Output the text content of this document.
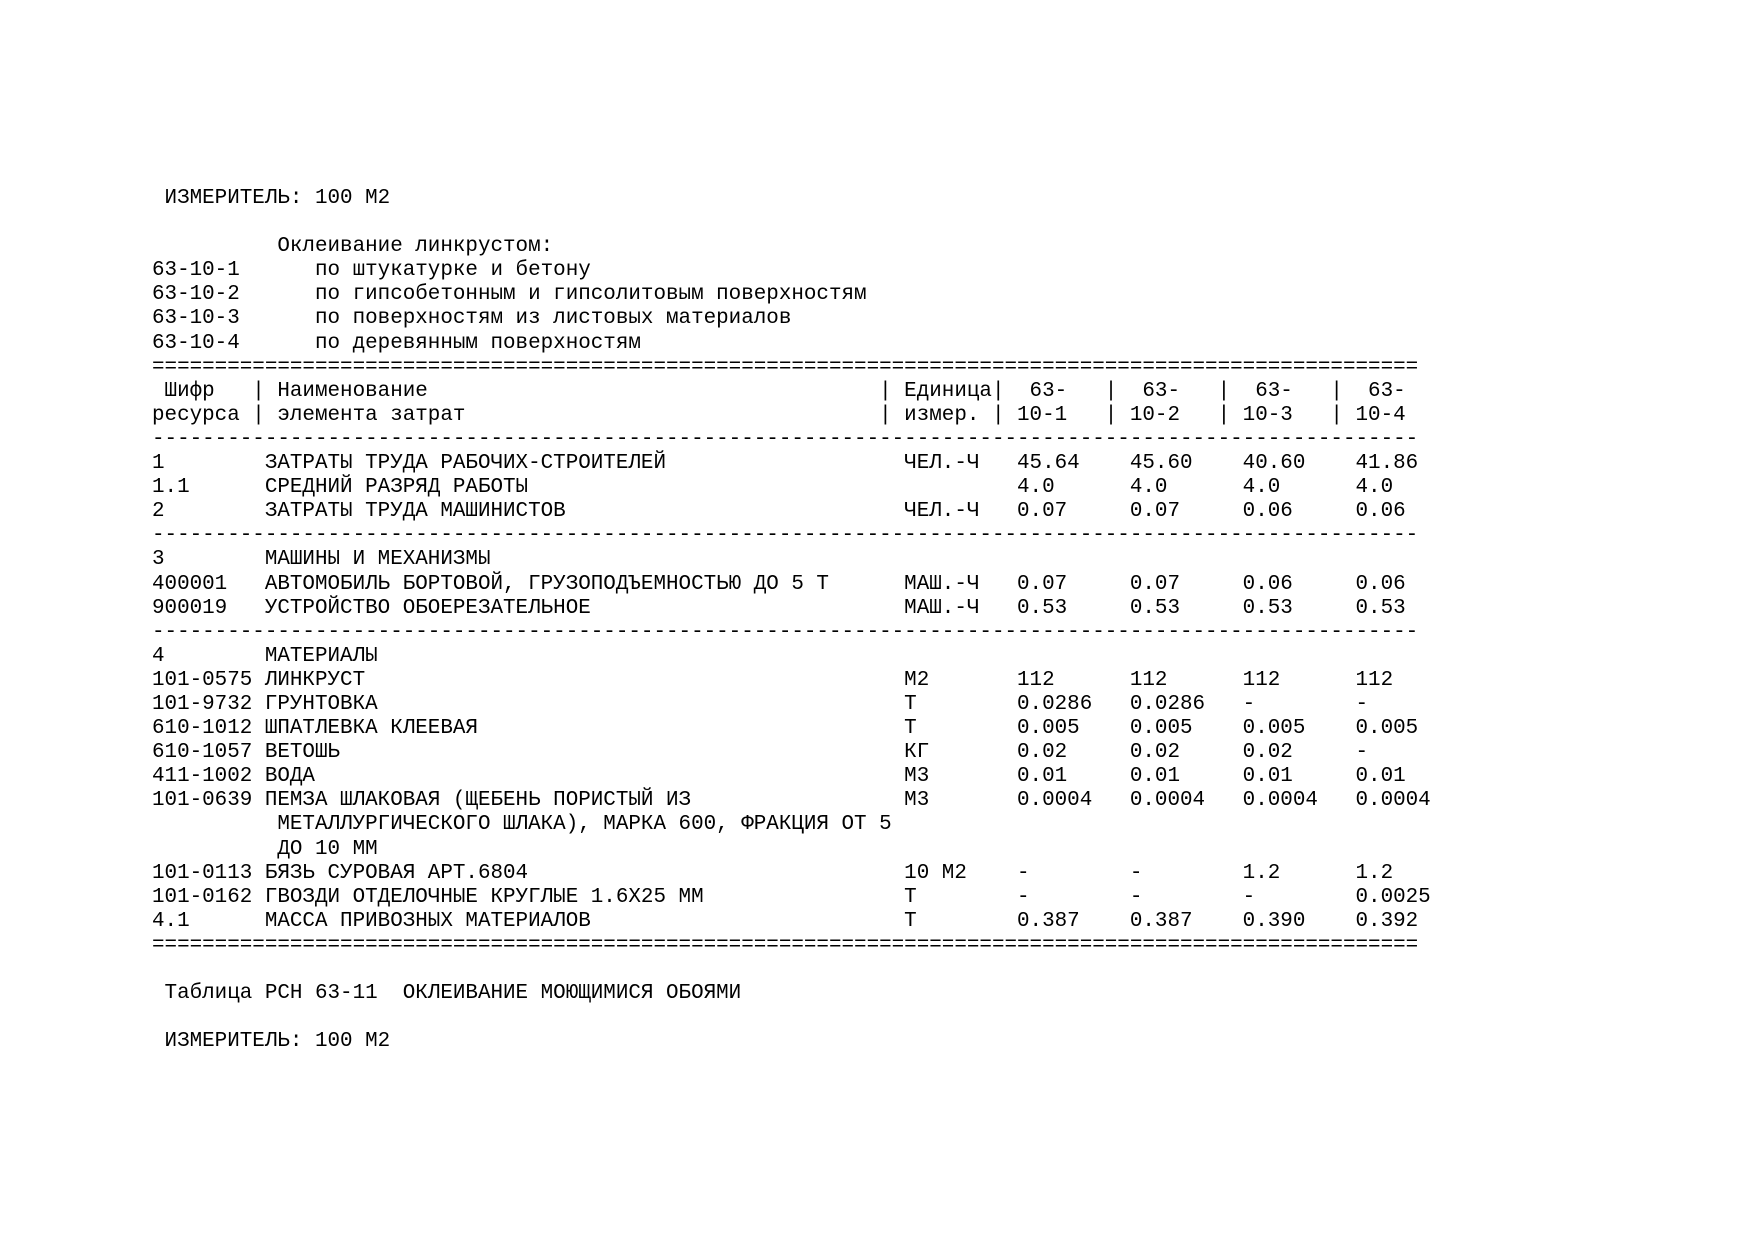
ИЗМЕРИТЕЛЬ: 100 М2
Оклеивание линкрустом:
63-10-1      по штукатурке и бетону
63-10-2      по гипсобетонным и гипсолитовым поверхностям
63-10-3      по поверхностям из листовых материалов
63-10-4      по деревянным поверхностям
=====================================================================================================
Шифр   | Наименование                                    | Единица|  63-   |  63-   |  63-   |  63-
ресурса | элемента затрат                                 | измер. | 10-1   | 10-2   | 10-3   | 10-4
-----------------------------------------------------------------------------------------------------
1        ЗАТРАТЫ ТРУДА РАБОЧИХ-СТРОИТЕЛЕЙ                   ЧЕЛ.-Ч   45.64    45.60    40.60    41.86
1.1      СРЕДНИЙ РАЗРЯД РАБОТЫ                                       4.0      4.0      4.0      4.0
2        ЗАТРАТЫ ТРУДА МАШИНИСТОВ                           ЧЕЛ.-Ч   0.07     0.07     0.06     0.06
-----------------------------------------------------------------------------------------------------
3        МАШИНЫ И МЕХАНИЗМЫ
400001   АВТОМОБИЛЬ БОРТОВОЙ, ГРУЗОПОДЪЕМНОСТЬЮ ДО 5 Т      МАШ.-Ч   0.07     0.07     0.06     0.06
900019   УСТРОЙСТВО ОБОЕРЕЗАТЕЛЬНОЕ                         МАШ.-Ч   0.53     0.53     0.53     0.53
-----------------------------------------------------------------------------------------------------
4        МАТЕРИАЛЫ
101-0575 ЛИНКРУСТ                                           М2       112      112      112      112
101-9732 ГРУНТОВКА                                          Т        0.0286   0.0286   -        -
610-1012 ШПАТЛЕВКА КЛЕЕВАЯ                                  Т        0.005    0.005    0.005    0.005
610-1057 ВЕТОШЬ                                             КГ       0.02     0.02     0.02     -
411-1002 ВОДА                                               М3       0.01     0.01     0.01     0.01
101-0639 ПЕМЗА ШЛАКОВАЯ (ЩЕБЕНЬ ПОРИСТЫЙ ИЗ                 М3       0.0004   0.0004   0.0004   0.0004
МЕТАЛЛУРГИЧЕСКОГО ШЛАКА), МАРКА 600, ФРАКЦИЯ ОТ 5
ДО 10 ММ
101-0113 БЯЗЬ СУРОВАЯ АРТ.6804                              10 М2    -        -        1.2      1.2
101-0162 ГВОЗДИ ОТДЕЛОЧНЫЕ КРУГЛЫЕ 1.6Х25 ММ                Т        -        -        -        0.0025
4.1      МАССА ПРИВОЗНЫХ МАТЕРИАЛОВ                         Т        0.387    0.387    0.390    0.392
=====================================================================================================
Таблица РСН 63-11  ОКЛЕИВАНИЕ МОЮЩИМИСЯ ОБОЯМИ
ИЗМЕРИТЕЛЬ: 100 М2
